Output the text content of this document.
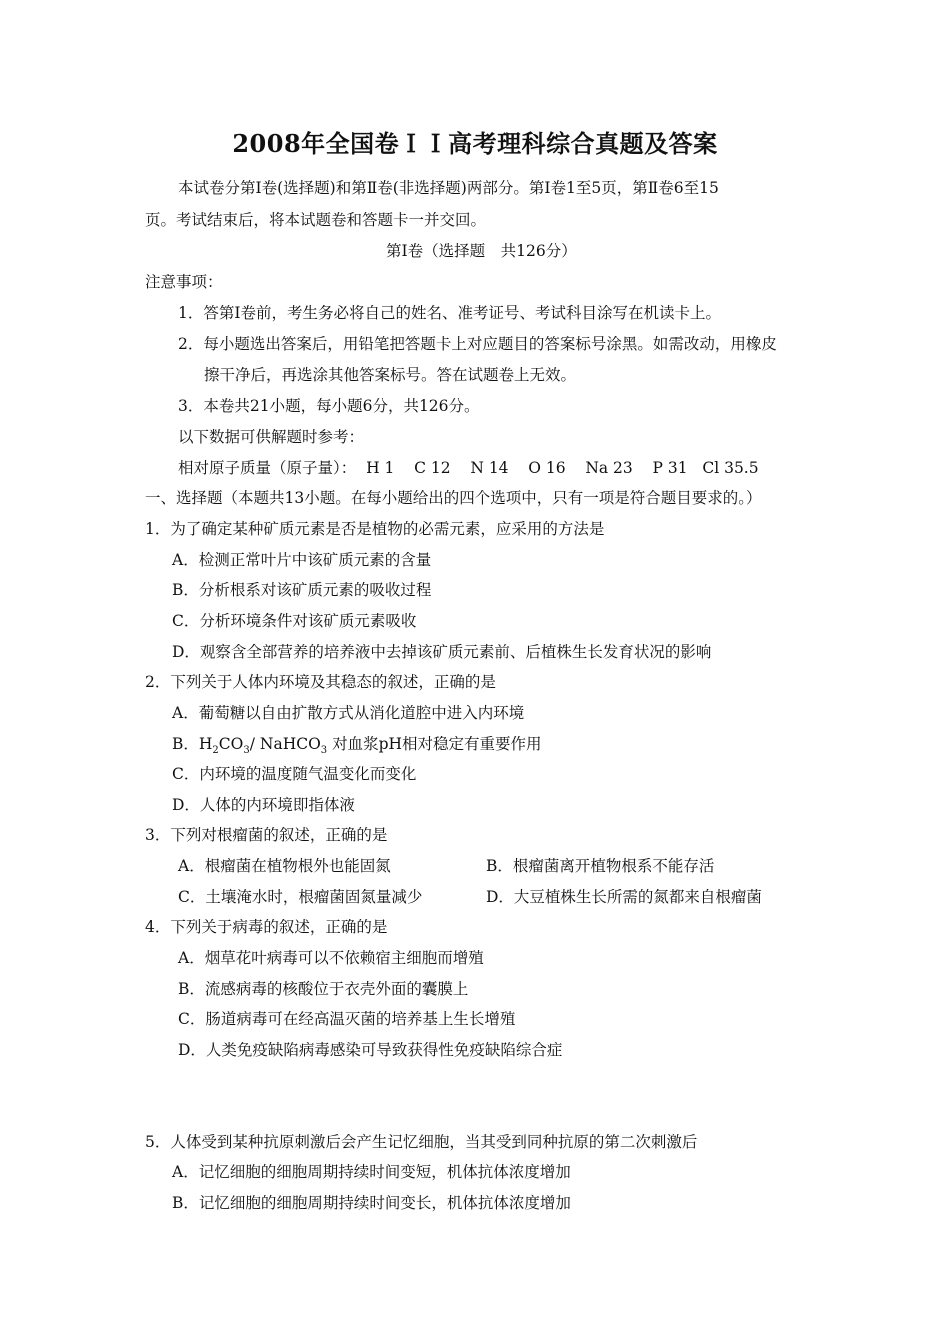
2008年全国卷ＩＩ高考理科综合真题及答案
本试卷分第Ⅰ卷(选择题)和第Ⅱ卷(非选择题)两部分。第Ⅰ卷1至5页，第Ⅱ卷6至15
页。考试结束后，将本试题卷和答题卡一并交回。
第Ⅰ卷（选择题　共126分）
注意事项：
1．答第Ⅰ卷前，考生务必将自己的姓名、准考证号、考试科目涂写在机读卡上。
2．每小题选出答案后，用铅笔把答题卡上对应题目的答案标号涂黑。如需改动，用橡皮
擦干净后，再选涂其他答案标号。答在试题卷上无效。
3．本卷共21小题，每小题6分，共126分。
以下数据可供解题时参考：
相对原子质量（原子量）：  H 1    C 12    N 14    O 16    Na 23    P 31   Cl 35.5
一、选择题（本题共13小题。在每小题给出的四个选项中，只有一项是符合题目要求的。）
1．为了确定某种矿质元素是否是植物的必需元素，应采用的方法是
A．检测正常叶片中该矿质元素的含量
B．分析根系对该矿质元素的吸收过程
C．分析环境条件对该矿质元素吸收
D．观察含全部营养的培养液中去掉该矿质元素前、后植株生长发育状况的影响
2．下列关于人体内环境及其稳态的叙述，正确的是
A．葡萄糖以自由扩散方式从消化道腔中进入内环境
B．$H_2CO_3/$ NaHCO$_3$ 对血浆pH相对稳定有重要作用
C．内环境的温度随气温变化而变化
D．人体的内环境即指体液
3．下列对根瘤菌的叙述，正确的是
A．根瘤菌在植物根外也能固氮	B．根瘤菌离开植物根系不能存活
C．土壤淹水时，根瘤菌固氮量减少	D．大豆植株生长所需的氮都来自根瘤菌
4．下列关于病毒的叙述，正确的是
A．烟草花叶病毒可以不依赖宿主细胞而增殖
B．流感病毒的核酸位于衣壳外面的囊膜上
C．肠道病毒可在经高温灭菌的培养基上生长增殖
D．人类免疫缺陷病毒感染可导致获得性免疫缺陷综合症
5．人体受到某种抗原刺激后会产生记忆细胞，当其受到同种抗原的第二次刺激后
A．记忆细胞的细胞周期持续时间变短，机体抗体浓度增加
B．记忆细胞的细胞周期持续时间变长，机体抗体浓度增加
